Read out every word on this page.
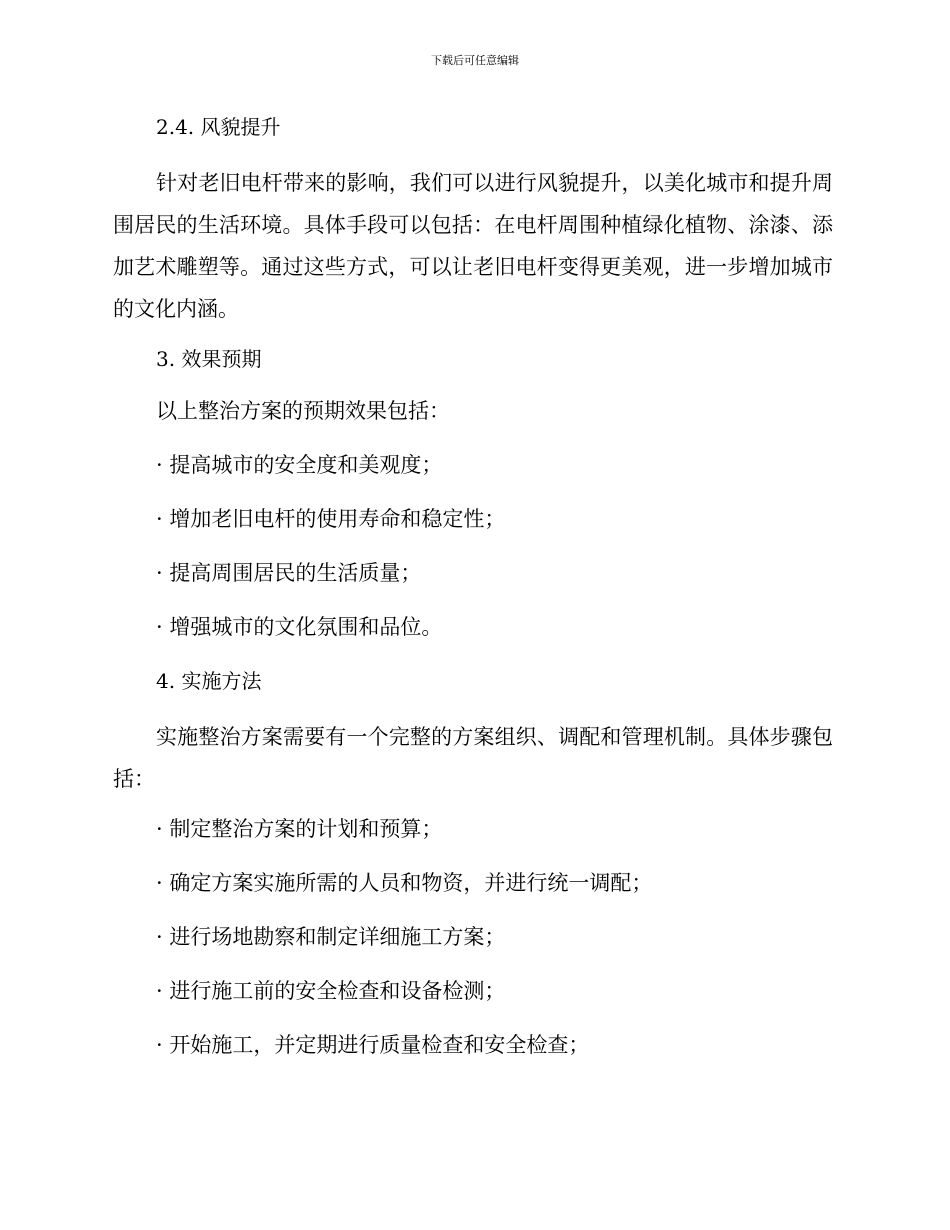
下载后可任意编辑
2.4. 风貌提升

针对老旧电杆带来的影响，我们可以进行风貌提升，以美化城市和提升周围居民的生活环境。具体手段可以包括：在电杆周围种植绿化植物、涂漆、添加艺术雕塑等。通过这些方式，可以让老旧电杆变得更美观，进一步增加城市的文化内涵。

3. 效果预期
以上整治方案的预期效果包括：
· 提高城市的安全度和美观度；
· 增加老旧电杆的使用寿命和稳定性；
· 提高周围居民的生活质量；
· 增强城市的文化氛围和品位。
4. 实施方法

实施整治方案需要有一个完整的方案组织、调配和管理机制。具体步骤包括：

· 制定整治方案的计划和预算；
· 确定方案实施所需的人员和物资，并进行统一调配；
· 进行场地勘察和制定详细施工方案；
· 进行施工前的安全检查和设备检测；
· 开始施工，并定期进行质量检查和安全检查；
